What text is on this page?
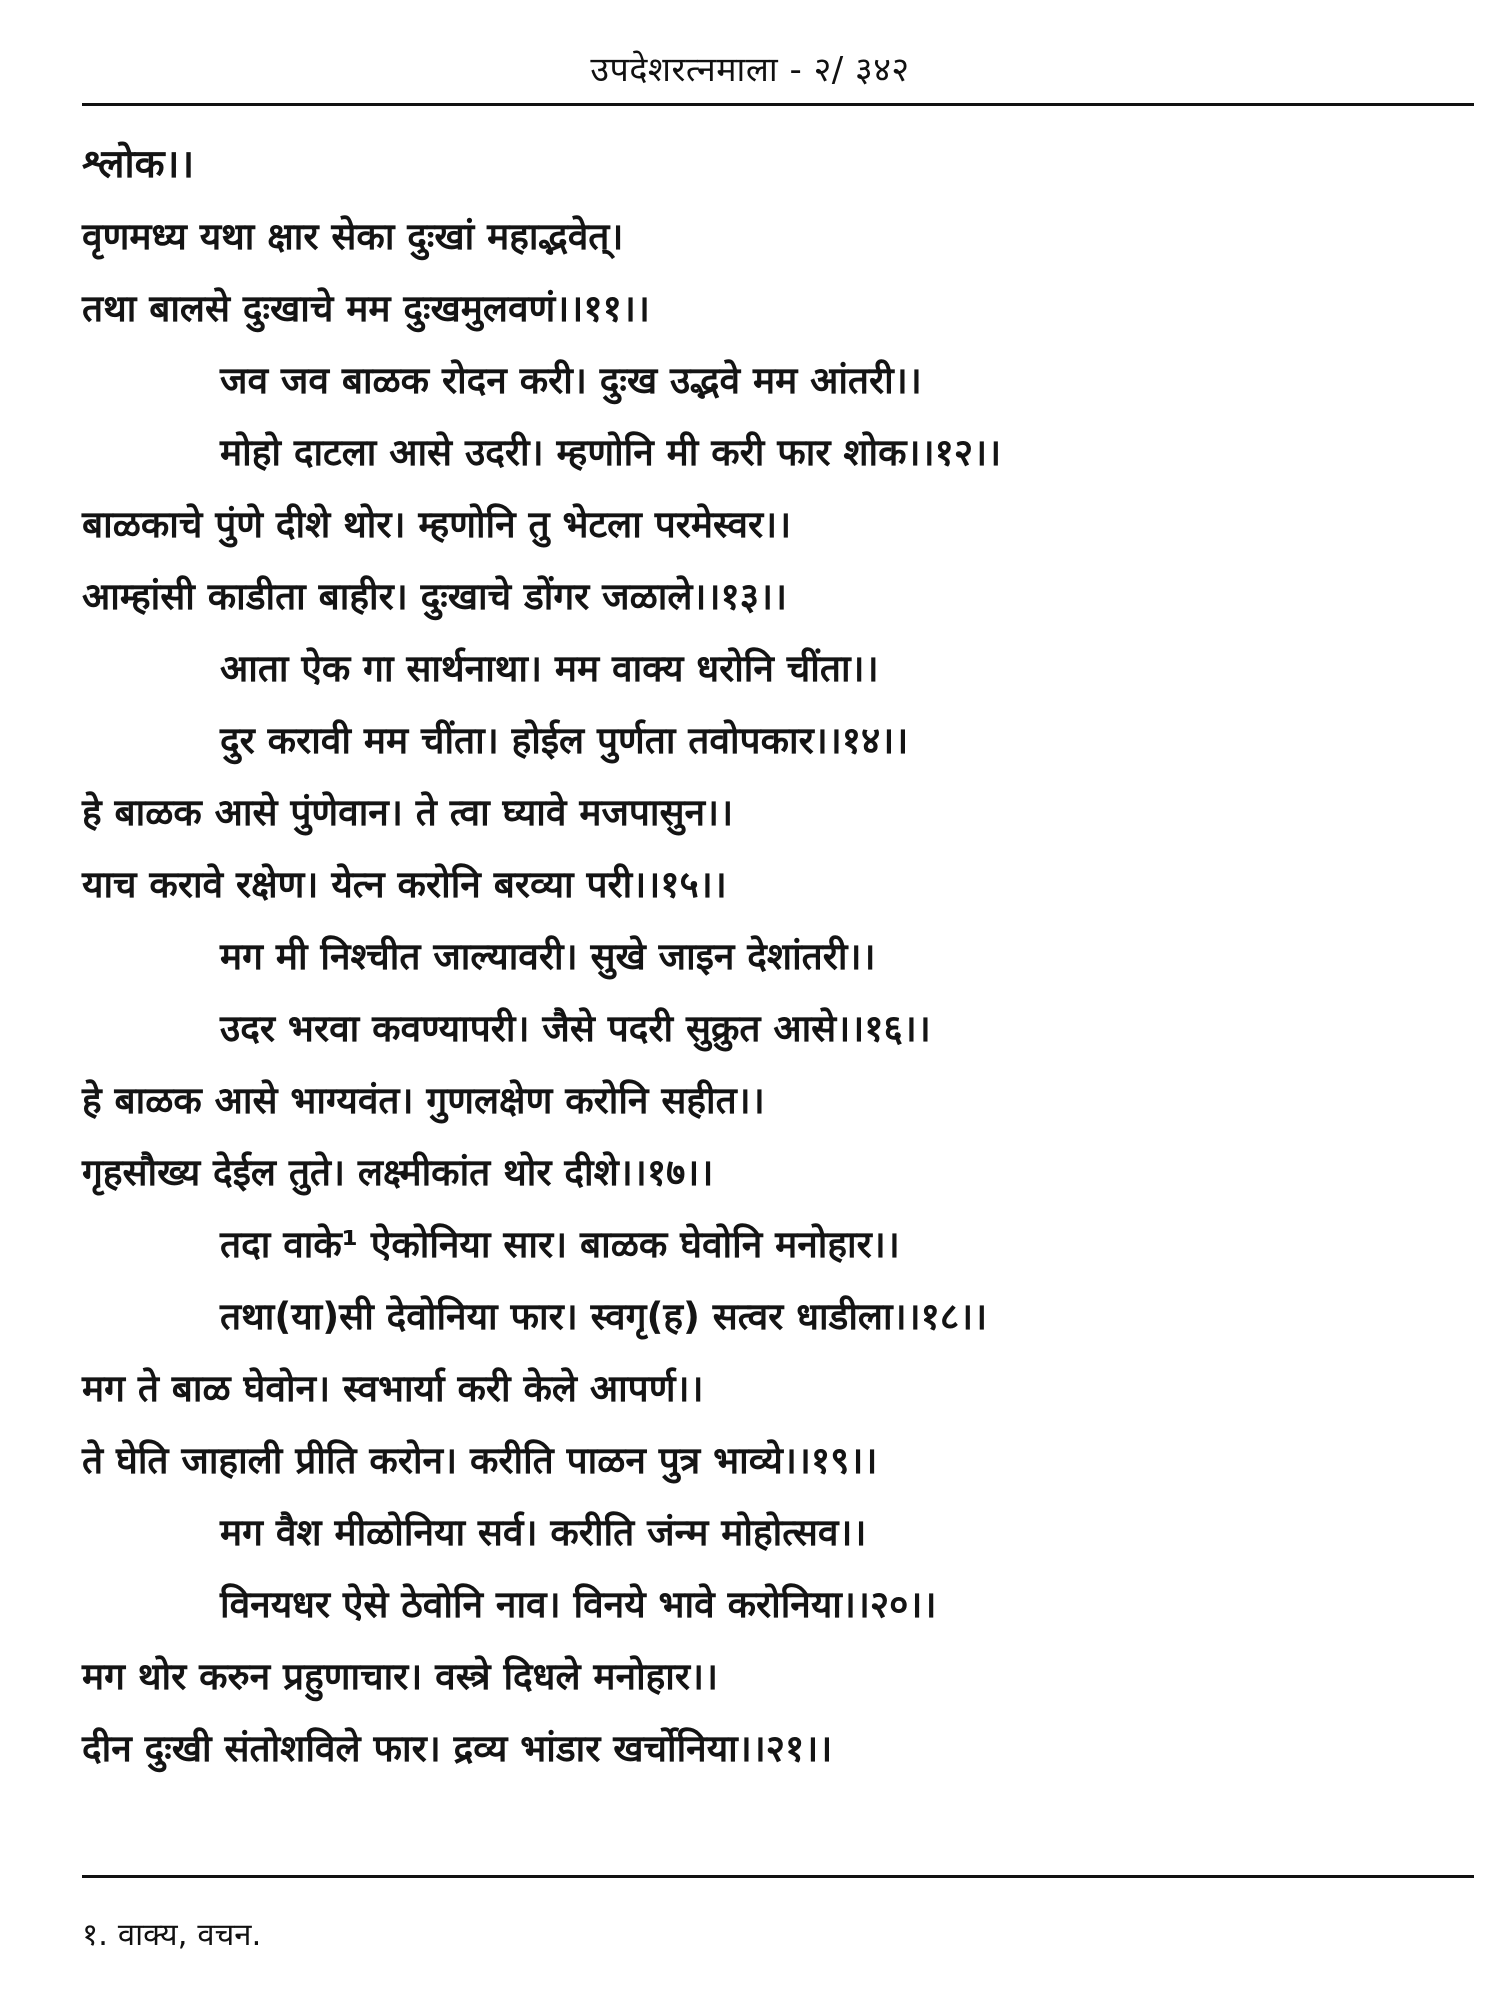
उपदेशरत्नमाला - २/ ३४२
श्लोक।।
वृणमध्य यथा क्षार सेका दुःखां महाद्भवेत्।
तथा बालसे दुःखाचे मम दुःखमुलवणं।।११।।
जव जव बाळक रोदन करी। दुःख उद्भवे मम आंतरी।।
मोहो दाटला आसे उदरी। म्हणोनि मी करी फार शोक।।१२।।
बाळकाचे पुंणे दीशे थोर। म्हणोनि तु भेटला परमेस्वर।।
आम्हांसी काडीता बाहीर। दुःखाचे डोंगर जळाले।।१३।।
आता ऐक गा सार्थनाथा। मम वाक्य धरोनि चींता।।
दुर करावी मम चींता। होईल पुर्णता तवोपकार।।१४।।
हे बाळक आसे पुंणेवान। ते त्वा घ्यावे मजपासुन।।
याच करावे रक्षेण। येत्न करोनि बरव्या परी।।१५।।
मग मी निश्चीत जाल्यावरी। सुखे जाइन देशांतरी।।
उदर भरवा कवण्यापरी। जैसे पदरी सुक्रुत आसे।।१६।।
हे बाळक आसे भाग्यवंत। गुणलक्षेण करोनि सहीत।।
गृहसौख्य देईल तुते। लक्ष्मीकांत थोर दीशे।।१७।।
तदा वाके¹ ऐकोनिया सार। बाळक घेवोनि मनोहार।।
तथा(या)सी देवोनिया फार। स्वगृ(ह) सत्वर धाडीला।।१८।।
मग ते बाळ घेवोन। स्वभार्या करी केले आपर्ण।।
ते घेति जाहाली प्रीति करोन। करीति पाळन पुत्र भाव्ये।।१९।।
मग वैश मीळोनिया सर्व। करीति जंन्म मोहोत्सव।।
विनयधर ऐसे ठेवोनि नाव। विनये भावे करोनिया।।२०।।
मग थोर करुन प्रहुणाचार। वस्त्रे दिधले मनोहार।।
दीन दुःखी संतोशविले फार। द्रव्य भांडार खर्चोनिया।।२१।।
१. वाक्य, वचन.
